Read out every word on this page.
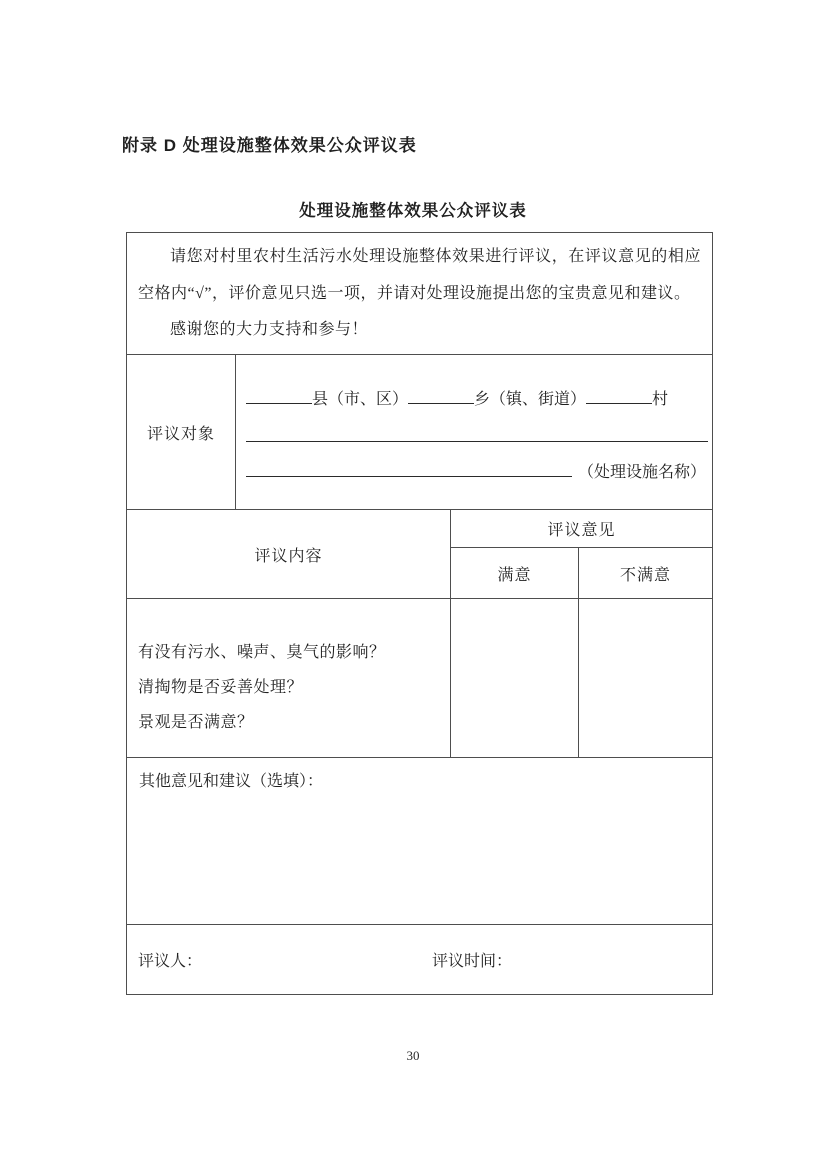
附录 D 处理设施整体效果公众评议表
处理设施整体效果公众评议表

请您对村里农村生活污水处理设施整体效果进行评议，在评议意见的相应空格内“√”，评价意见只选一项，并请对处理设施提出您的宝贵意见和建议。

感谢您的大力支持和参与！

评议对象
县（市、区）	乡（镇、街道）	村
（处理设施名称）
评议内容
评议意见
满意	不满意
有没有污水、噪声、臭气的影响？
清掏物是否妥善处理？
景观是否满意？
其他意见和建议（选填）：
评议人：	评议时间：
30
